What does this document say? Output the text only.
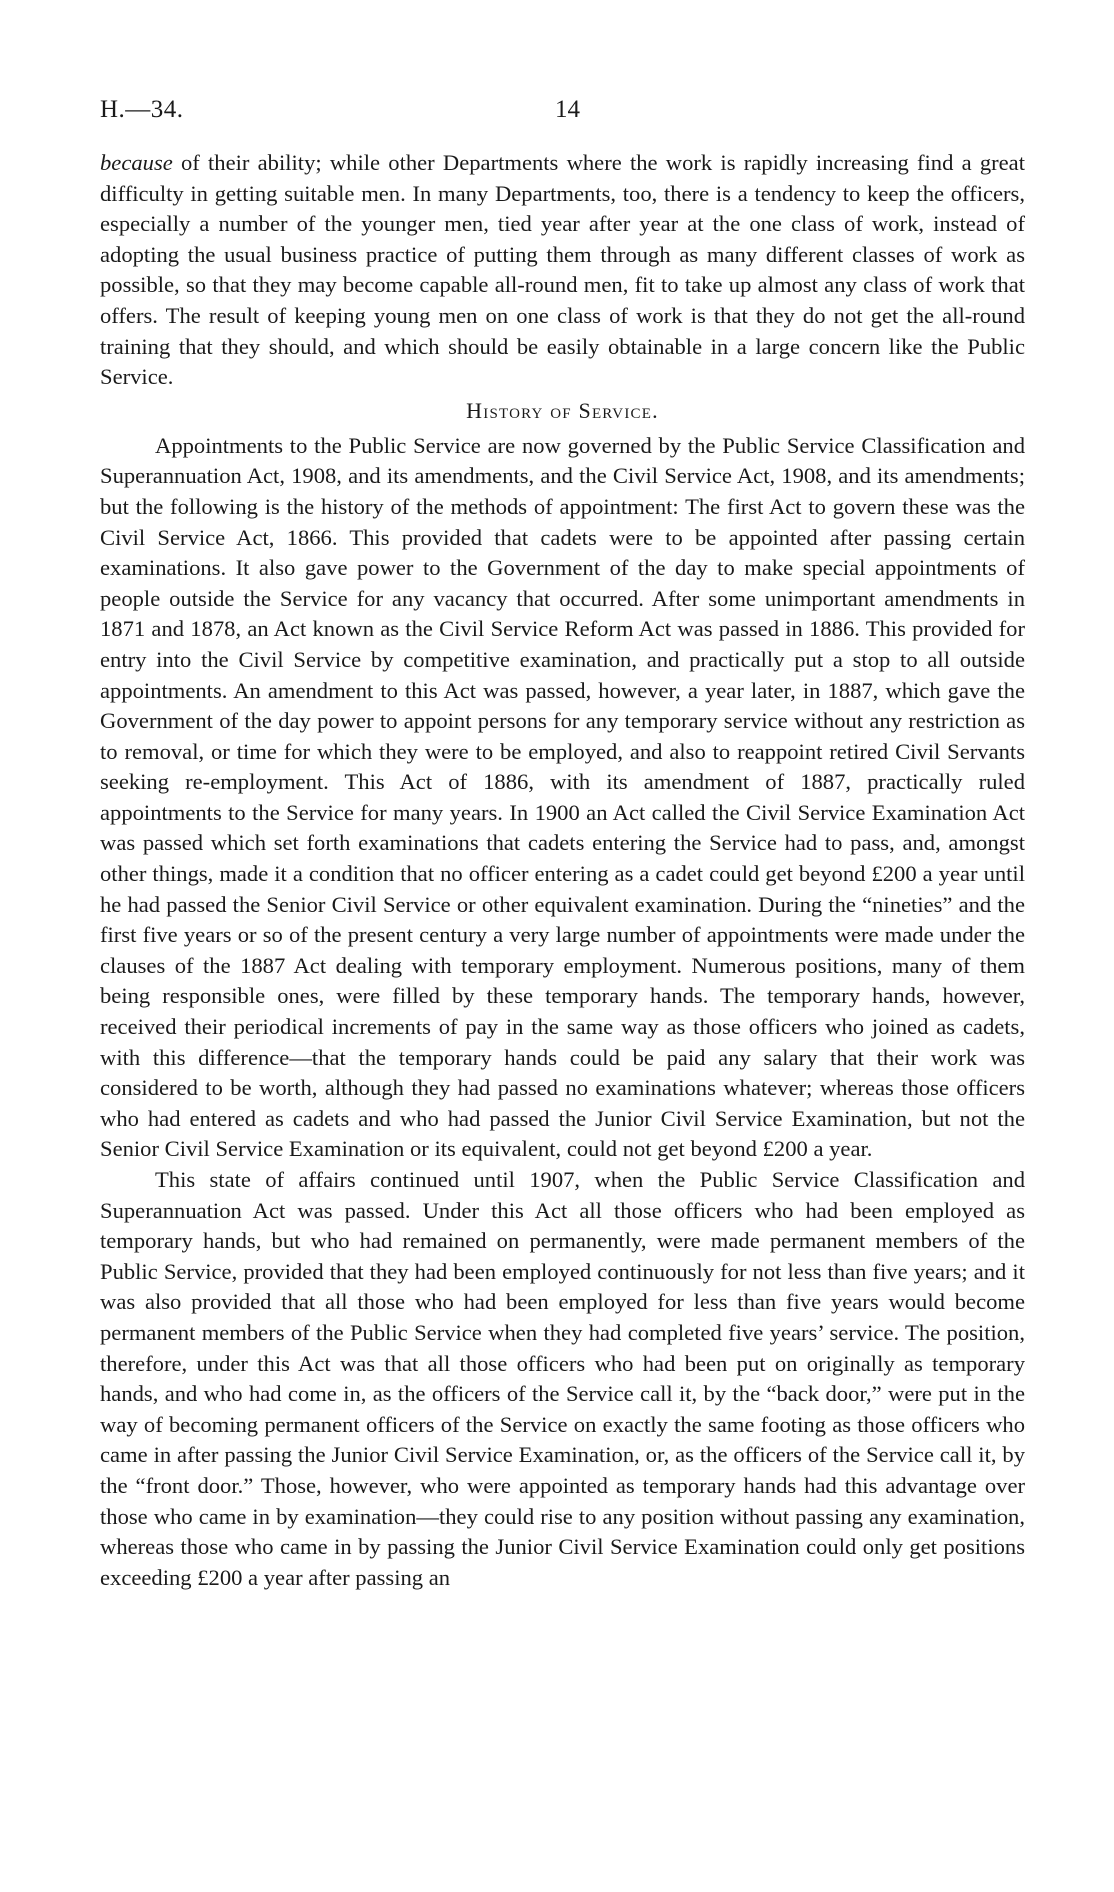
H.—34.	14

because of their ability; while other Departments where the work is rapidly increasing find a great difficulty in getting suitable men. In many Departments, too, there is a tendency to keep the officers, especially a number of the younger men, tied year after year at the one class of work, instead of adopting the usual business practice of putting them through as many different classes of work as possible, so that they may become capable all-round men, fit to take up almost any class of work that offers. The result of keeping young men on one class of work is that they do not get the all-round training that they should, and which should be easily obtainable in a large concern like the Public Service.

History of Service.

Appointments to the Public Service are now governed by the Public Service Classification and Superannuation Act, 1908, and its amendments, and the Civil Service Act, 1908, and its amendments; but the following is the history of the methods of appointment: The first Act to govern these was the Civil Service Act, 1866. This provided that cadets were to be appointed after passing certain examinations. It also gave power to the Government of the day to make special appointments of people outside the Service for any vacancy that occurred. After some unimportant amendments in 1871 and 1878, an Act known as the Civil Service Reform Act was passed in 1886. This provided for entry into the Civil Service by competitive examination, and practically put a stop to all outside appointments. An amendment to this Act was passed, however, a year later, in 1887, which gave the Government of the day power to appoint persons for any temporary service without any restriction as to removal, or time for which they were to be employed, and also to reappoint retired Civil Servants seeking re-employment. This Act of 1886, with its amendment of 1887, practically ruled appointments to the Service for many years. In 1900 an Act called the Civil Service Examination Act was passed which set forth examinations that cadets entering the Service had to pass, and, amongst other things, made it a condition that no officer entering as a cadet could get beyond £200 a year until he had passed the Senior Civil Service or other equivalent examination. During the “nineties” and the first five years or so of the present century a very large number of appointments were made under the clauses of the 1887 Act dealing with temporary employment. Numerous positions, many of them being responsible ones, were filled by these temporary hands. The temporary hands, however, received their periodical increments of pay in the same way as those officers who joined as cadets, with this difference—that the temporary hands could be paid any salary that their work was considered to be worth, although they had passed no examinations whatever; whereas those officers who had entered as cadets and who had passed the Junior Civil Service Examination, but not the Senior Civil Service Examination or its equivalent, could not get beyond £200 a year.

This state of affairs continued until 1907, when the Public Service Classification and Superannuation Act was passed. Under this Act all those officers who had been employed as temporary hands, but who had remained on permanently, were made permanent members of the Public Service, provided that they had been employed continuously for not less than five years; and it was also provided that all those who had been employed for less than five years would become permanent members of the Public Service when they had completed five years’ service. The position, therefore, under this Act was that all those officers who had been put on originally as temporary hands, and who had come in, as the officers of the Service call it, by the “back door,” were put in the way of becoming permanent officers of the Service on exactly the same footing as those officers who came in after passing the Junior Civil Service Examination, or, as the officers of the Service call it, by the “front door.” Those, however, who were appointed as temporary hands had this advantage over those who came in by examination—they could rise to any position without passing any examination, whereas those who came in by passing the Junior Civil Service Examination could only get positions exceeding £200 a year after passing an
